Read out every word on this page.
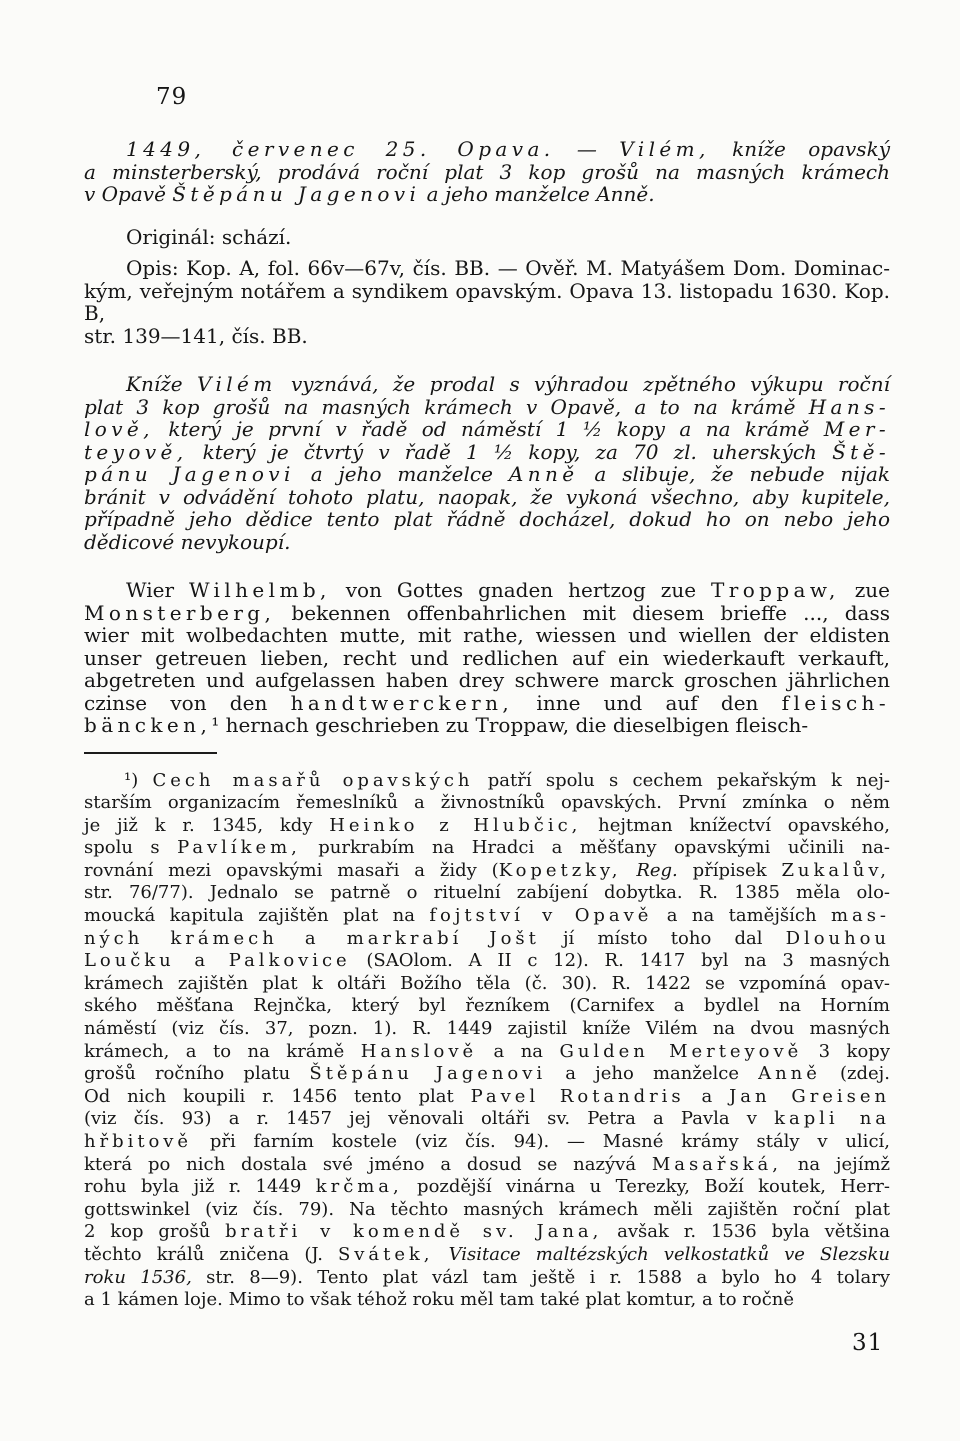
79
1449, červenec 25. Opava. — Vilém, kníže opavský
a minsterberský, prodává roční plat 3 kop grošů na masných krámech
v Opavě Štěpánu Jagenovi a jeho manželce Anně.
Originál: schází.
Opis: Kop. A, fol. 66v—67v, čís. BB. — Ověř. M. Matyášem Dom. Dominac-
kým, veřejným notářem a syndikem opavským. Opava 13. listopadu 1630. Kop. B,
str. 139—141, čís. BB.
Kníže Vilém vyznává, že prodal s výhradou zpětného výkupu roční
plat 3 kop grošů na masných krámech v Opavě, a to na krámě Hans-
lově, který je první v řadě od náměstí 1 ½ kopy a na krámě Mer-
teyově, který je čtvrtý v řadě 1 ½ kopy, za 70 zl. uherských Ště-
pánu Jagenovi a jeho manželce Anně a slibuje, že nebude nijak
bránit v odvádění tohoto platu, naopak, že vykoná všechno, aby kupitele,
případně jeho dědice tento plat řádně docházel, dokud ho on nebo jeho
dědicové nevykoupí.
Wier Wilhelmb, von Gottes gnaden hertzog zue Troppaw, zue
Monsterberg, bekennen offenbahrlichen mit diesem brieffe ..., dass
wier mit wolbedachten mutte, mit rathe, wiessen und wiellen der eldisten
unser getreuen lieben, recht und redlichen auf ein wiederkauft verkauft,
abgetreten und aufgelassen haben drey schwere marck groschen jährlichen
czinse von den handtwerckern, inne und auf den fleisch-
bäncken,¹ hernach geschrieben zu Troppaw, die dieselbigen fleisch-
¹) Cech masařů opavských patří spolu s cechem pekařským k nej-
starším organizacím řemeslníků a živnostníků opavských. První zmínka o něm
je již k r. 1345, kdy Heinko z Hlubčic, hejtman knížectví opavského,
spolu s Pavlíkem, purkrabím na Hradci a měšťany opavskými učinili na-
rovnání mezi opavskými masaři a židy (Kopetzky, Reg. přípisek Zukalův,
str. 76/77). Jednalo se patrně o rituelní zabíjení dobytka. R. 1385 měla olo-
moucká kapitula zajištěn plat na fojtství v Opavě a na tamějších mas-
ných krámech a markrabí Jošt jí místo toho dal Dlouhou
Loučku a Palkovice (SAOlom. A II c 12). R. 1417 byl na 3 masných
krámech zajištěn plat k oltáři Božího těla (č. 30). R. 1422 se vzpomíná opav-
ského měšťana Rejnčka, který byl řezníkem (Carnifex a bydlel na Horním
náměstí (viz čís. 37, pozn. 1). R. 1449 zajistil kníže Vilém na dvou masných
krámech, a to na krámě Hanslově a na Gulden Merteyově 3 kopy
grošů ročního platu Štěpánu Jagenovi a jeho manželce Anně (zdej.
Od nich koupili r. 1456 tento plat Pavel Rotandris a Jan Greisen
(viz čís. 93) a r. 1457 jej věnovali oltáři sv. Petra a Pavla v kapli na
hřbitově při farním kostele (viz čís. 94). — Masné krámy stály v ulicí,
která po nich dostala své jméno a dosud se nazývá Masařská, na jejímž
rohu byla již r. 1449 krčma, pozdější vinárna u Terezky, Boží koutek, Herr-
gottswinkel (viz čís. 79). Na těchto masných krámech měli zajištěn roční plat
2 kop grošů bratři v komendě sv. Jana, avšak r. 1536 byla většina
těchto králů zničena (J. Svátek, Visitace maltézských velkostatků ve Slezsku
roku 1536, str. 8—9). Tento plat vázl tam ještě i r. 1588 a bylo ho 4 tolary
a 1 kámen loje. Mimo to však téhož roku měl tam také plat komtur, a to ročně
31
